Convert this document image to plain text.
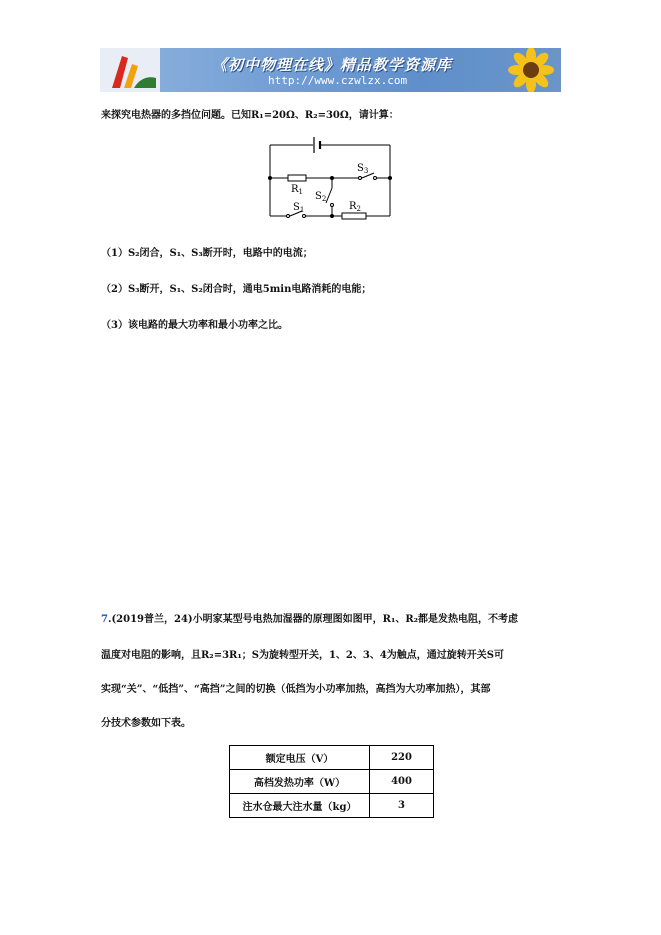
《初中物理在线》精品教学资源库
http://www.czwlzx.com
来探究电热器的多挡位问题。已知R₁=20Ω、R₂=30Ω，请计算：
$R_1$
$R_2$
$S_3$
$S_2$
$S_1$
（1）S₂闭合，S₁、S₃断开时，电路中的电流；
（2）S₃断开，S₁、S₂闭合时，通电5min电路消耗的电能；
（3）该电路的最大功率和最小功率之比。
7.(2019普兰，24)小明家某型号电热加湿器的原理图如图甲，R₁、R₂都是发热电阻，不考虑
温度对电阻的影响，且R₂=3R₁；S为旋转型开关，1、2、3、4为触点，通过旋转开关S可
实现“关”、“低挡”、“高挡”之间的切换（低挡为小功率加热，高挡为大功率加热），其部
分技术参数如下表。
额定电压（V）	220
高档发热功率（W）	400
注水仓最大注水量（kg）	3
